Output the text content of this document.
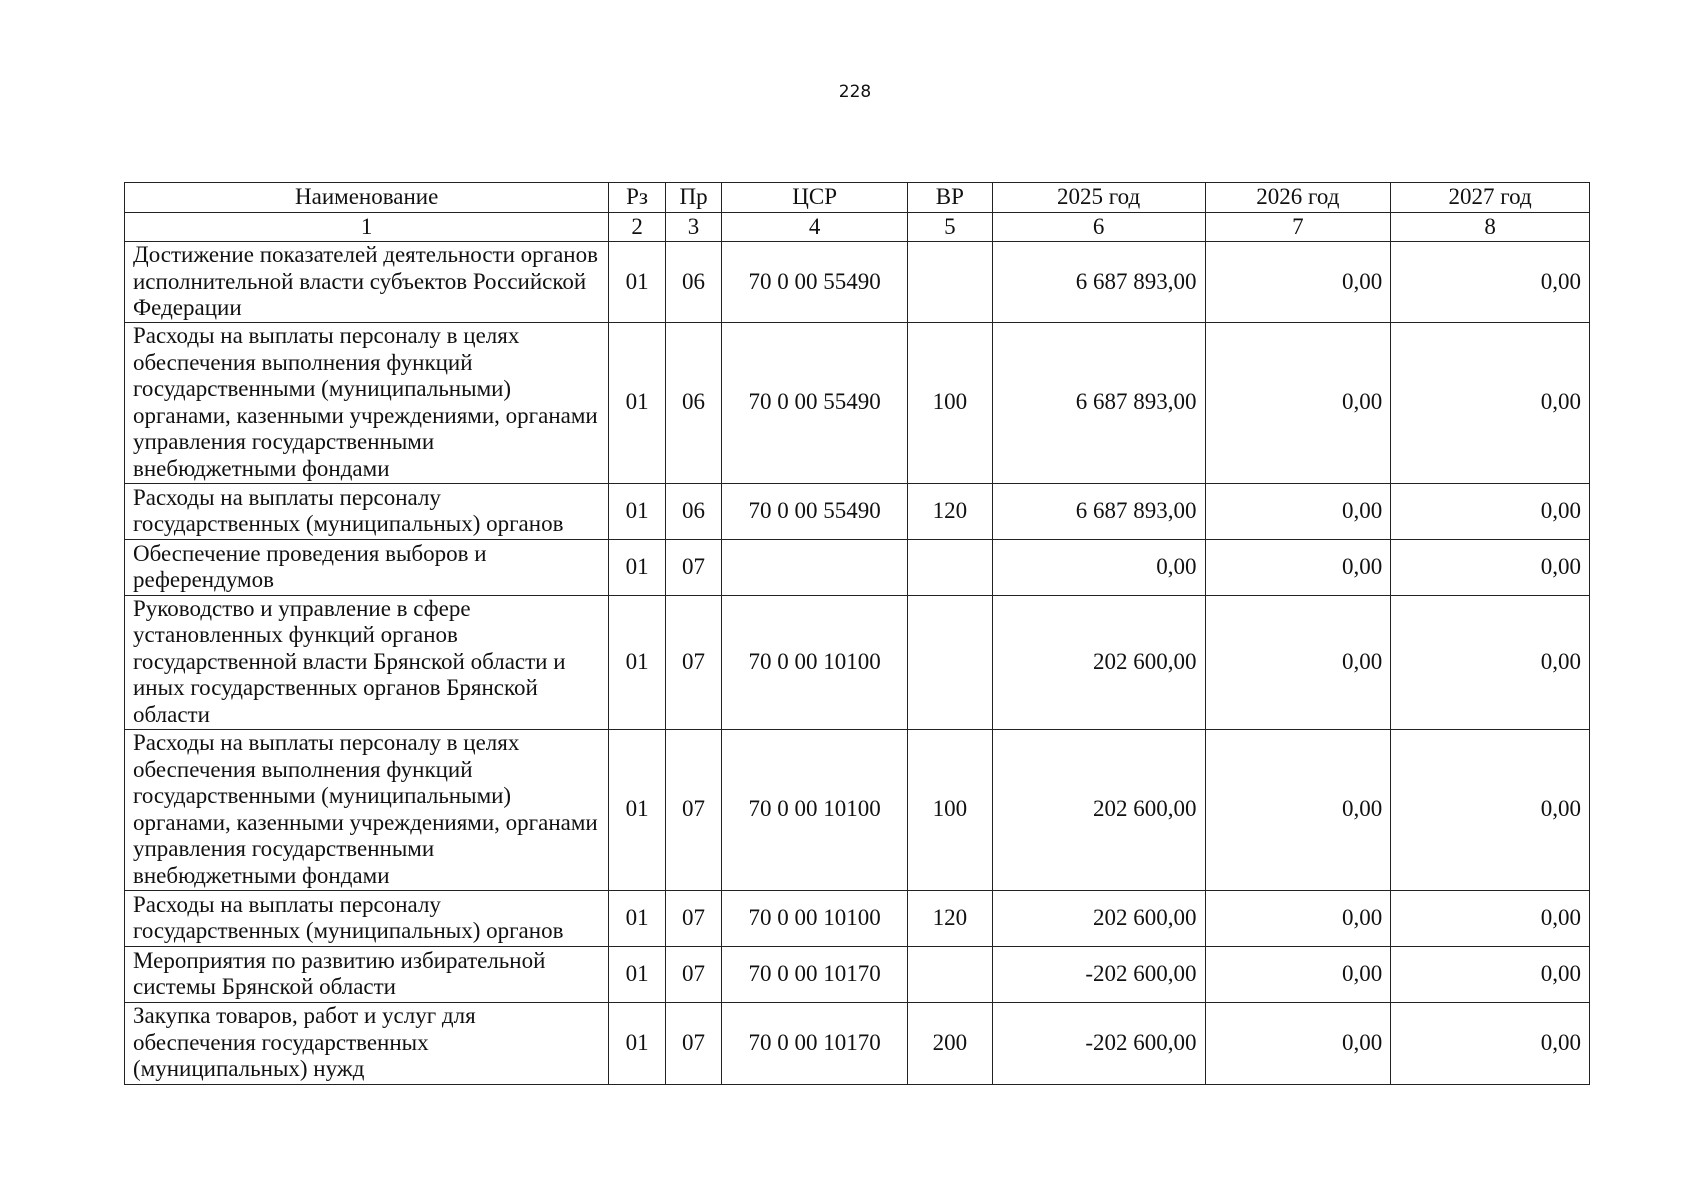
228
Наименование	Рз	Пр	ЦСР	ВР	2025 год	2026 год	2027 год
1	2	3	4	5	6	7	8
Достижение показателей деятельности органов исполнительной власти субъектов Российской Федерации	01	06	70 0 00 55490		6 687 893,00	0,00	0,00
Расходы на выплаты персоналу в целях обеспечения выполнения функций государственными (муниципальными) органами, казенными учреждениями, органами управления государственными внебюджетными фондами	01	06	70 0 00 55490	100	6 687 893,00	0,00	0,00
Расходы на выплаты персоналу государственных (муниципальных) органов	01	06	70 0 00 55490	120	6 687 893,00	0,00	0,00
Обеспечение проведения выборов и референдумов	01	07			0,00	0,00	0,00
Руководство и управление в сфере установленных функций органов государственной власти Брянской области и иных государственных органов Брянской области	01	07	70 0 00 10100		202 600,00	0,00	0,00
Расходы на выплаты персоналу в целях обеспечения выполнения функций государственными (муниципальными) органами, казенными учреждениями, органами управления государственными внебюджетными фондами	01	07	70 0 00 10100	100	202 600,00	0,00	0,00
Расходы на выплаты персоналу государственных (муниципальных) органов	01	07	70 0 00 10100	120	202 600,00	0,00	0,00
Мероприятия по развитию избирательной системы Брянской области	01	07	70 0 00 10170		-202 600,00	0,00	0,00
Закупка товаров, работ и услуг для обеспечения государственных (муниципальных) нужд	01	07	70 0 00 10170	200	-202 600,00	0,00	0,00
